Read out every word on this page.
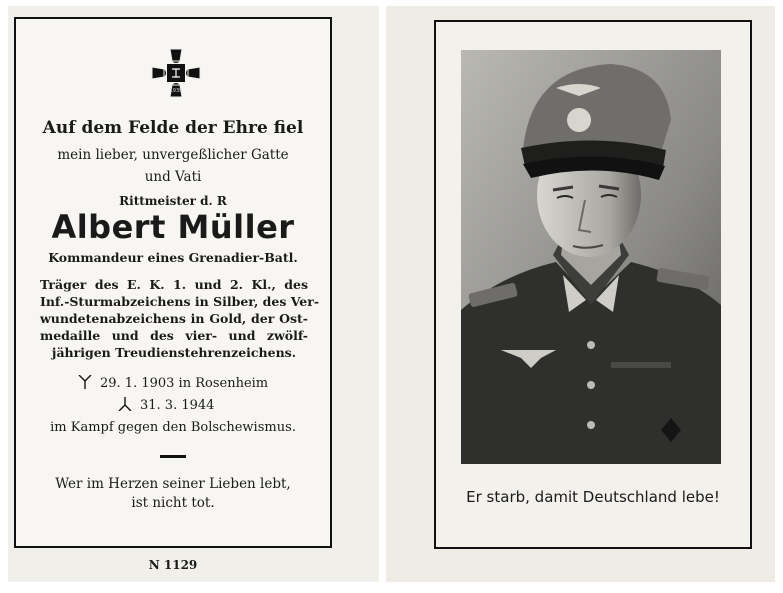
1939
Auf dem Felde der Ehre fiel
mein lieber, unvergeßlicher Gatte
und Vati
Rittmeister d. R
Albert Müller
Kommandeur eines Grenadier-Batl.
Träger des E. K. 1. und 2. Kl., des
Inf.-Sturmabzeichens in Silber, des Ver-
wundetenabzeichens in Gold, der Ost-
medaille und des vier- und zwölf-
jährigen Treudienstehrenzeichens.
29. 1. 1903 in Rosenheim
31. 3. 1944
im Kampf gegen den Bolschewismus.
Wer im Herzen seiner Lieben lebt,
ist nicht tot.
N 1129
Er starb, damit Deutschland lebe!
